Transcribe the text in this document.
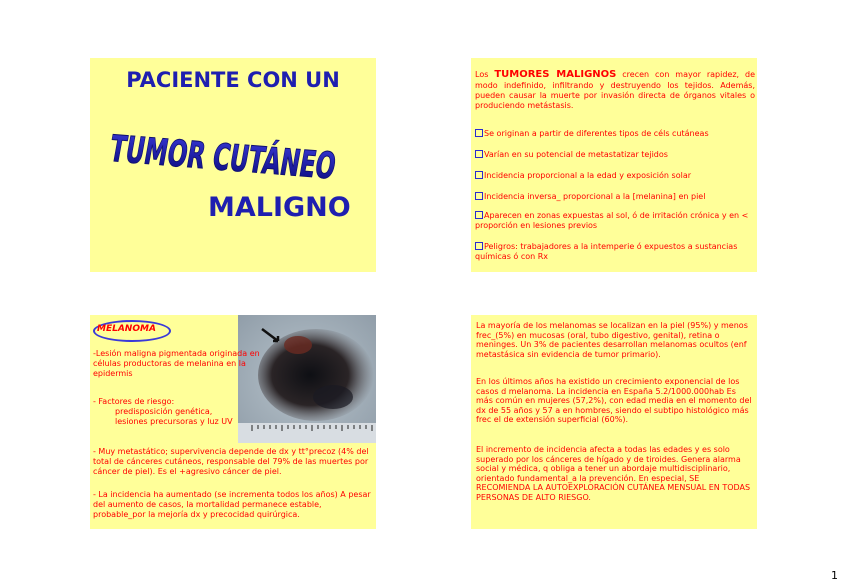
PACIENTE CON UN
TUMOR CUTÁNEO
MALIGNO
Los TUMORES MALIGNOS crecen con mayor rapidez, de modo indefinido, infiltrando y destruyendo los tejidos. Además, pueden causar la muerte por invasión directa de órganos vitales o produciendo metástasis.
Se originan a partir de diferentes tipos de céls cutáneas
Varían en su potencial de metastatizar tejidos
Incidencia proporcional a la edad y exposición solar
Incidencia inversa_ proporcional a la [melanina] en piel
Aparecen en zonas expuestas al sol, ó de irritación crónica y en < proporción en lesiones previos
Peligros: trabajadores a la intemperie ó expuestos a sustancias químicas ó con Rx
MELANOMA
-Lesión maligna pigmentada originada en células productoras de melanina en la epidermis
- Factores de riesgo:
predisposición genética,
lesiones precursoras y luz UV
- Muy metastático; supervivencia depende de dx y tt°precoz (4% del total de cánceres cutáneos, responsable del 79% de las muertes por cáncer de piel). Es el +agresivo cáncer de piel.
- La incidencia ha aumentado (se incrementa todos los años) A pesar del aumento de casos, la mortalidad permanece estable, probable_por la mejoría dx y precocidad quirúrgica.
La mayoría de los melanomas se localizan en la piel (95%) y menos frec_(5%) en mucosas (oral, tubo digestivo, genital), retina o meninges. Un 3% de pacientes desarrollan melanomas ocultos (enf metastásica sin evidencia de tumor primario).
En los últimos años ha existido un crecimiento exponencial de los casos d melanoma. La incidencia en España 5.2/1000.000hab Es más común en mujeres (57,2%), con edad media en el momento del dx de 55 años y 57 a en hombres, siendo el subtipo histológico más frec el de extensión superficial (60%).
El incremento de incidencia afecta a todas las edades y es solo superado por los cánceres de hígado y de tiroides. Genera alarma social y médica, q obliga a tener un abordaje multidisciplinario, orientado fundamental_a la prevención. En especial, SE RECOMIENDA LA AUTOEXPLORACIÓN CUTÁNEA MENSUAL EN TODAS PERSONAS DE ALTO RIESGO.
1
